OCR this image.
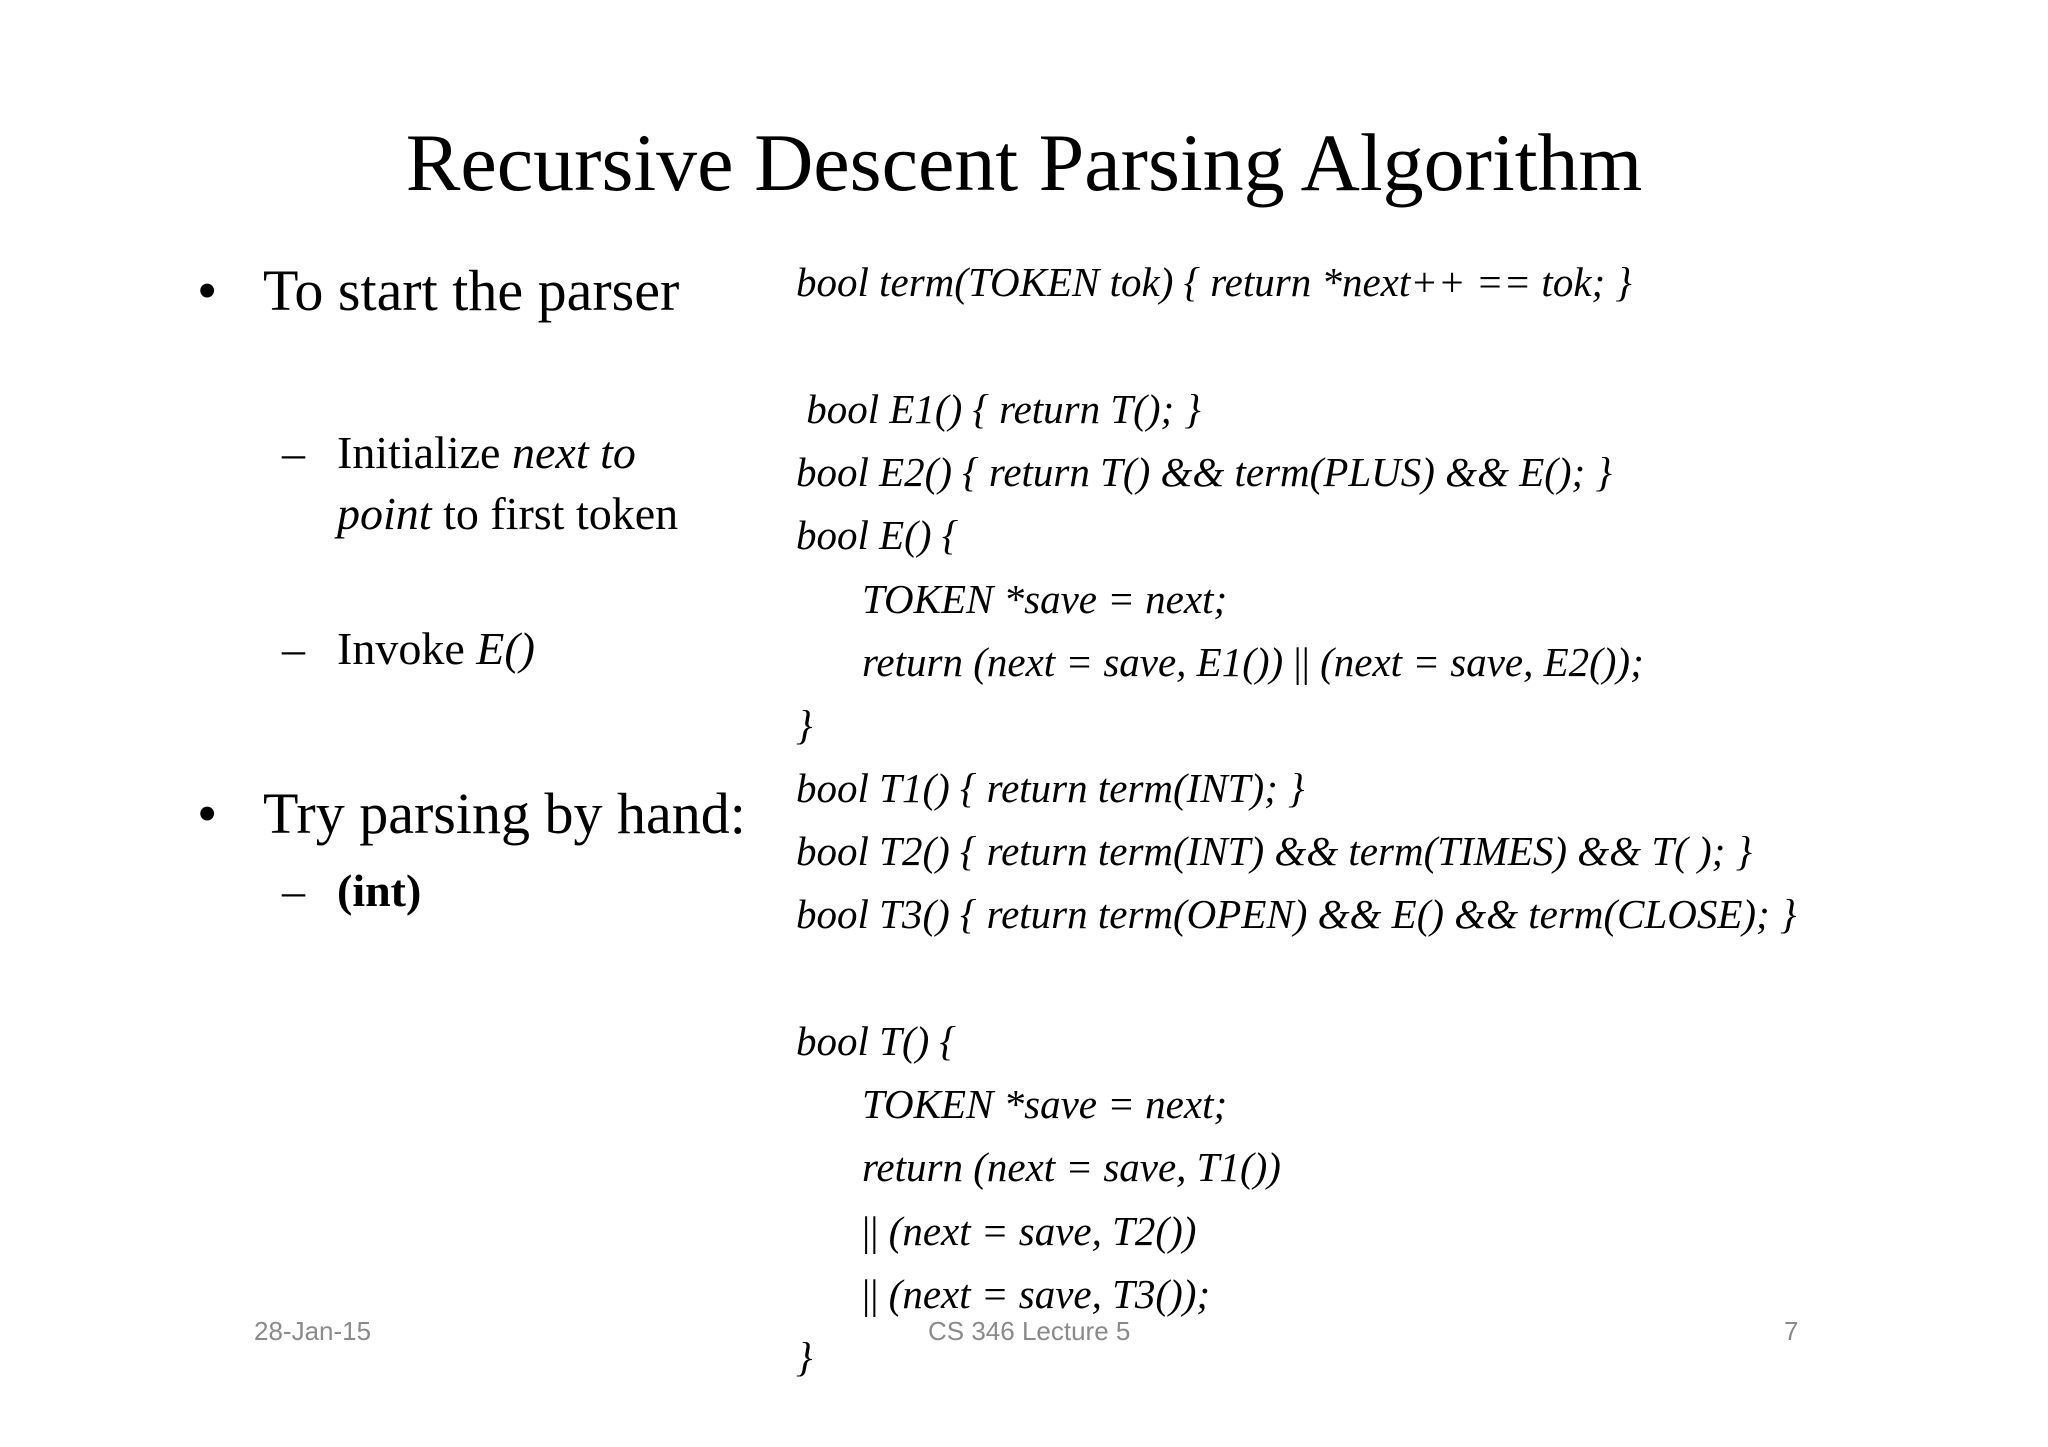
Recursive Descent Parsing Algorithm
• To start the parser
– Initialize next to
point to first token
– Invoke E()
• Try parsing by hand:
– (int)
bool term(TOKEN tok) { return *next++ == tok; }
bool E1() { return T(); }
bool E2() { return T() && term(PLUS) && E(); }
bool E() {
TOKEN *save = next;
return (next = save, E1()) || (next = save, E2());
}
bool T1() { return term(INT); }
bool T2() { return term(INT) && term(TIMES) && T( ); }
bool T3() { return term(OPEN) && E() && term(CLOSE); }
bool T() {
TOKEN *save = next;
return (next = save, T1())
|| (next = save, T2())
|| (next = save, T3());
}
28-Jan-15	CS 346 Lecture 5	7
